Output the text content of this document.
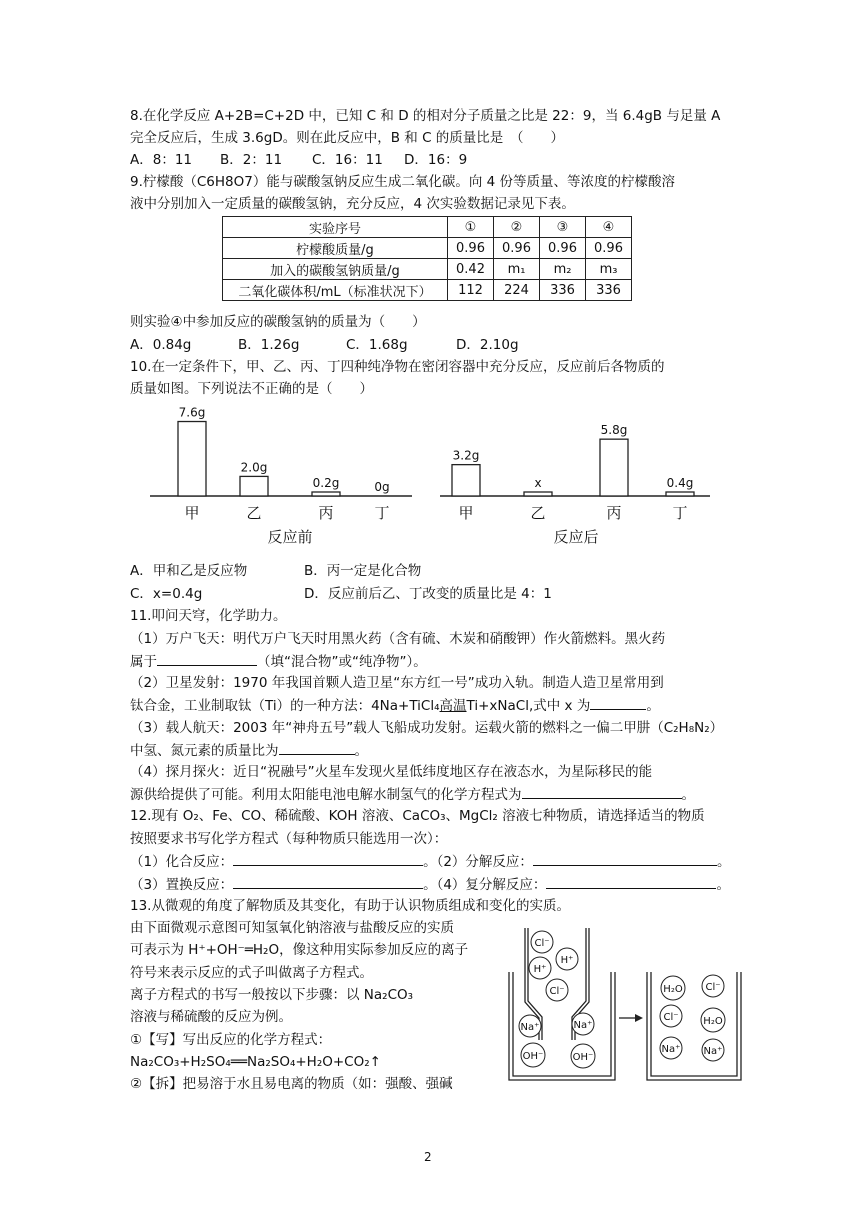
8.在化学反应 A+2B=C+2D 中，已知 C 和 D 的相对分子质量之比是 22：9，当 6.4gB 与足量 A
完全反应后，生成 3.6gD。则在此反应中，B 和 C 的质量比是　（　　）
A．8：11 B．2：11 C．16：11 D．16：9
9.柠檬酸（C6H8O7）能与碳酸氢钠反应生成二氧化碳。向 4 份等质量、等浓度的柠檬酸溶
液中分别加入一定质量的碳酸氢钠，充分反应，4 次实验数据记录见下表。
实验序号	①	②	③	④
柠檬酸质量/g	0.96	0.96	0.96	0.96
加入的碳酸氢钠质量/g	0.42	m₁	m₂	m₃
二氧化碳体积/mL（标准状况下）	112	224	336	336
则实验④中参加反应的碳酸氢钠的质量为（　　）
A．0.84g	B．1.26g	C．1.68g	D．2.10g
10.在一定条件下，甲、乙、丙、丁四种纯净物在密闭容器中充分反应，反应前后各物质的
质量如图。下列说法不正确的是（　　）
7.6g
甲
2.0g
乙
0.2g
丙
0g
丁
反应前
3.2g
甲
x
乙
5.8g
丙
0.4g
丁
反应后
A．甲和乙是反应物	B．丙一定是化合物
C．x=0.4g	D．反应前后乙、丁改变的质量比是 4：1
11.叩问天穹，化学助力。
（1）万户飞天：明代万户飞天时用黑火药（含有硫、木炭和硝酸钾）作火箭燃料。黑火药
属于	（填“混合物”或“纯净物”）。
（2）卫星发射：1970 年我国首颗人造卫星“东方红一号”成功入轨。制造人造卫星常用到
钛合金，工业制取钛（Ti）的一种方法：4Na+TiCl₄高温Ti+xNaCl,式中 x 为	。
（3）载人航天：2003 年“神舟五号”载人飞船成功发射。运载火箭的燃料之一偏二甲肼（C₂H₈N₂）
中氢、氮元素的质量比为	。
（4）探月探火：近日“祝融号”火星车发现火星低纬度地区存在液态水，为星际移民的能
源供给提供了可能。利用太阳能电池电解水制氢气的化学方程式为	。
12.现有 O₂、Fe、CO、稀硫酸、KOH 溶液、CaCO₃、MgCl₂ 溶液七种物质，请选择适当的物质
按照要求书写化学方程式（每种物质只能选用一次）：
（1）化合反应：	。（2）分解反应：	。
（3）置换反应：	。（4）复分解反应：	。
13.从微观的角度了解物质及其变化，有助于认识物质组成和变化的实质。
由下面微观示意图可知氢氧化钠溶液与盐酸反应的实质
可表示为 H⁺+OH⁻═H₂O，像这种用实际参加反应的离子
符号来表示反应的式子叫做离子方程式。
离子方程式的书写一般按以下步骤：以 Na₂CO₃
溶液与稀硫酸的反应为例。
①【写】写出反应的化学方程式：
Na₂CO₃+H₂SO₄══Na₂SO₄+H₂O+CO₂↑
②【拆】把易溶于水且易电离的物质（如：强酸、强碱
Cl⁻
H⁺
H⁺
Cl⁻
Na⁺	Na⁺
OH⁻	OH⁻
H₂O Cl⁻
Cl⁻ H₂O
Na⁺ Na⁺
2
